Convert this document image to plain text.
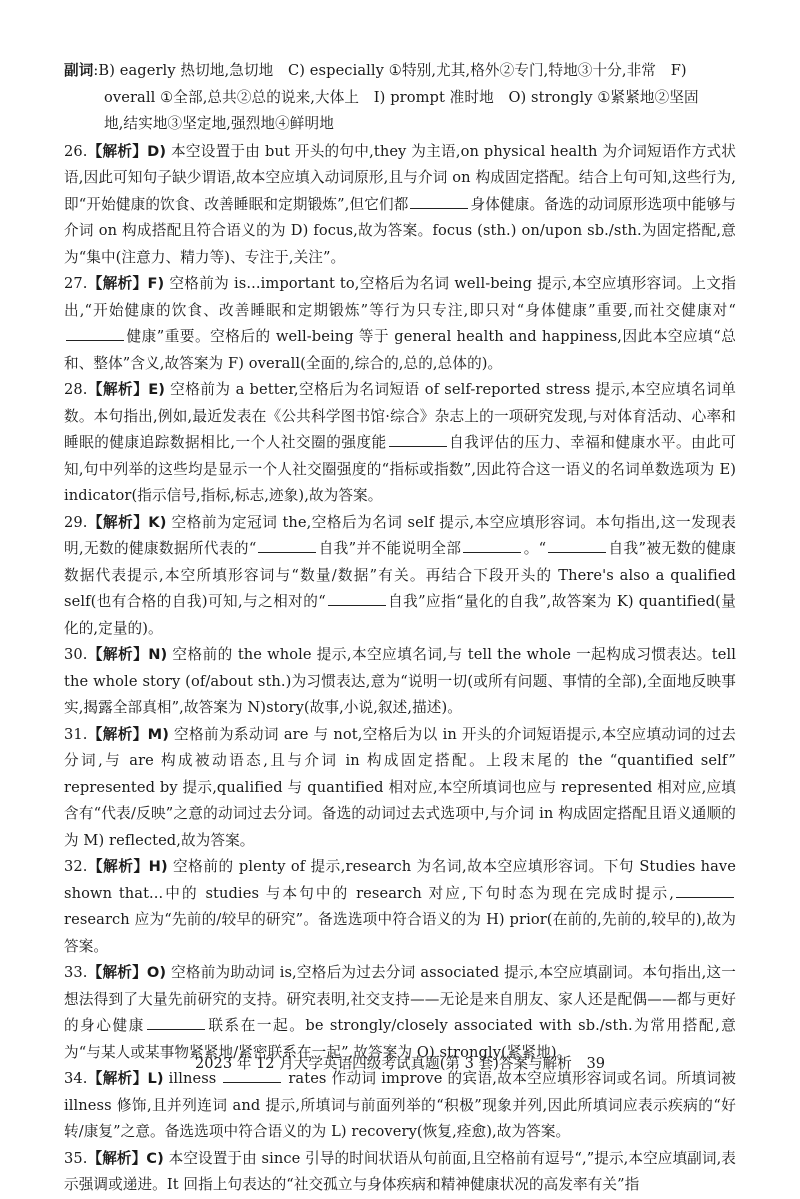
副词:B) eagerly 热切地,急切地　C) especially ①特别,尤其,格外②专门,特地③十分,非常　F)
overall ①全部,总共②总的说来,大体上　I) prompt 准时地　O) strongly ①紧紧地②坚固
地,结实地③坚定地,强烈地④鲜明地

26.【解析】D) 本空设置于由 but 开头的句中,they 为主语,on physical health 为介词短语作方式状语,因此可知句子缺少谓语,故本空应填入动词原形,且与介词 on 构成固定搭配。结合上句可知,这些行为,即“开始健康的饮食、改善睡眠和定期锻炼”,但它们都	身体健康。备选的动词原形选项中能够与介词 on 构成搭配且符合语义的为 D) focus,故为答案。focus (sth.) on/upon sb./sth.为固定搭配,意为“集中(注意力、精力等)、专注于,关注”。

27.【解析】F) 空格前为 is...important to,空格后为名词 well-being 提示,本空应填形容词。上文指出,“开始健康的饮食、改善睡眠和定期锻炼”等行为只专注,即只对“身体健康”重要,而社交健康对“健康”重要。空格后的 well-being 等于 general health and happiness,因此本空应填“总和、整体”含义,故答案为 F) overall(全面的,综合的,总的,总体的)。

28.【解析】E) 空格前为 a better,空格后为名词短语 of self-reported stress 提示,本空应填名词单数。本句指出,例如,最近发表在《公共科学图书馆·综合》杂志上的一项研究发现,与对体育活动、心率和睡眠的健康追踪数据相比,一个人社交圈的强度能	自我评估的压力、幸福和健康水平。由此可知,句中列举的这些均是显示一个人社交圈强度的“指标或指数”,因此符合这一语义的名词单数选项为 E) indicator(指示信号,指标,标志,迹象),故为答案。

29.【解析】K) 空格前为定冠词 the,空格后为名词 self 提示,本空应填形容词。本句指出,这一发现表明,无数的健康数据所代表的“	自我”并不能说明全部	。“	自我”被无数的健康数据代表提示,本空所填形容词与“数量/数据”有关。再结合下段开头的 There's also a qualified self(也有合格的自我)可知,与之相对的“	自我”应指“量化的自我”,故答案为 K) quantified(量化的,定量的)。

30.【解析】N) 空格前的 the whole 提示,本空应填名词,与 tell the whole 一起构成习惯表达。tell the whole story (of/about sth.)为习惯表达,意为“说明一切(或所有问题、事情的全部),全面地反映事实,揭露全部真相”,故答案为 N)story(故事,小说,叙述,描述)。

31.【解析】M) 空格前为系动词 are 与 not,空格后为以 in 开头的介词短语提示,本空应填动词的过去分词,与 are 构成被动语态,且与介词 in 构成固定搭配。上段末尾的 the “quantified self” represented by 提示,qualified 与 quantified 相对应,本空所填词也应与 represented 相对应,应填含有“代表/反映”之意的动词过去分词。备选的动词过去式选项中,与介词 in 构成固定搭配且语义通顺的为 M) reflected,故为答案。

32.【解析】H) 空格前的 plenty of 提示,research 为名词,故本空应填形容词。下句 Studies have shown that...中的 studies 与本句中的 research 对应,下句时态为现在完成时提示,research 应为“先前的/较早的研究”。备选选项中符合语义的为 H) prior(在前的,先前的,较早的),故为答案。

33.【解析】O) 空格前为助动词 is,空格后为过去分词 associated 提示,本空应填副词。本句指出,这一想法得到了大量先前研究的支持。研究表明,社交支持——无论是来自朋友、家人还是配偶——都与更好的身心健康	联系在一起。be strongly/closely associated with sb./sth.为常用搭配,意为“与某人或某事物紧紧地/紧密联系在一起”,故答案为 O) strongly(紧紧地)。

34.【解析】L) illness	rates 作动词 improve 的宾语,故本空应填形容词或名词。所填词被 illness 修饰,且并列连词 and 提示,所填词与前面列举的“积极”现象并列,因此所填词应表示疾病的“好转/康复”之意。备选选项中符合语义的为 L) recovery(恢复,痊愈),故为答案。

35.【解析】C) 本空设置于由 since 引导的时间状语从句前面,且空格前有逗号“,”提示,本空应填副词,表示强调或递进。It 回指上句表达的“社交孤立与身体疾病和精神健康状况的高发率有关”指

2023 年 12 月大学英语四级考试真题(第 3 套)答案与解析　39
